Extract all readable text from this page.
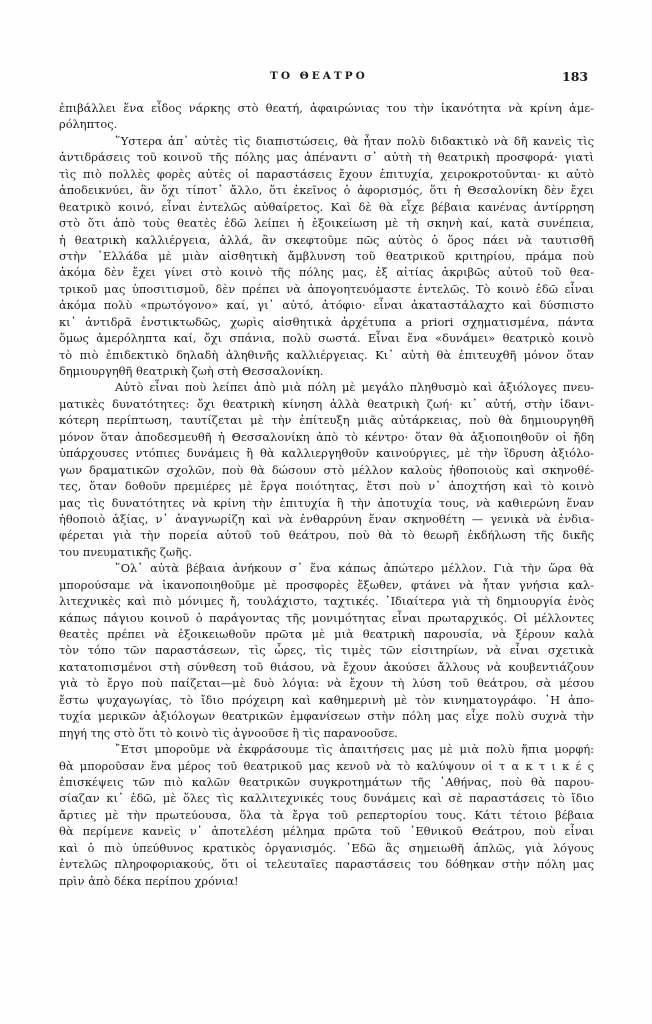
ΤΟ ΘΕΑΤΡΟ	183
ἐπιβάλλει ἕνα εἶδος νάρκης στὸ θεατή, ἀφαιρώνιας του τὴν ἱκανότητα νὰ κρίνη ἀμε-
ρόληπτος.
῞Υστερα ἀπ᾽ αὐτὲς τὶς διαπιστώσεις, θὰ ἦταν πολὺ διδακτικὸ νὰ δῆ κανεὶς τὶς
ἀντιδράσεις τοῦ κοινοῦ τῆς πόλης μας ἀπέναντι σ᾽ αὐτὴ τὴ θεατρικὴ προσφορά· γιατὶ
τὶς πιὸ πολλὲς φορὲς αὐτὲς οἱ παραστάσεις ἔχουν ἐπιτυχία, χειροκροτοῦνται· κι αὐτὸ
ἀποδεικνύει, ἂν ὄχι τίποτ᾽ ἄλλο, ὅτι ἐκεῖνος ὁ ἀφορισμός, ὅτι ἡ Θεσαλονίκη δὲν ἔχει
θεατρικὸ κοινό, εἶναι ἐντελῶς αὐθαίρετος. Καὶ δὲ θὰ εἶχε βέβαια κανένας ἀντίρρηση
στὸ ὅτι ἀπὸ τοὺς θεατὲς ἐδῶ λείπει ἡ ἐξοικείωση μὲ τὴ σκηνὴ καί, κατὰ συνέπεια,
ἡ θεατρικὴ καλλιέργεια, ἀλλά, ἂν σκεφτοῦμε πῶς αὐτὸς ὁ ὅρος πάει νὰ ταυτισθῆ
στὴν ῾Ελλάδα μὲ μιὰν αἰσθητικὴ ἄμβλυνση τοῦ θεατρικοῦ κριτηρίου, πράμα ποὺ
ἀκόμα δὲν ἔχει γίνει στὸ κοινὸ τῆς πόλης μας, ἐξ αἰτίας ἀκριβῶς αὐτοῦ τοῦ θεα-
τρικοῦ μας ὑποσιτισμοῦ, δὲν πρέπει νὰ ἀπογοητευόμαστε ἐντελῶς. Τὸ κοινὸ ἐδῶ εἶναι
ἀκόμα πολὺ «πρωτόγονο» καί, γι᾽ αὐτό, ἀτόφιο· εἶναι ἀκαταστάλαχτο καὶ δύσπιστο
κι᾽ ἀντιδρᾶ ἐνστικτωδῶς, χωρὶς αἰσθητικὰ ἀρχέτυπα a priori σχηματισμένα, πάντα
ὅμως ἀμερόληπτα καί, ὄχι σπάνια, πολὺ σωστά. Εἶναι ἕνα «δυνάμει» θεατρικὸ κοινὸ
τὸ πιὸ ἐπιδεκτικὸ δηλαδὴ ἀληθινῆς καλλιέργειας. Κι᾽ αὐτὴ θὰ ἐπιτευχθῆ μόνον ὅταν
δημιουργηθῆ θεατρικὴ ζωὴ στὴ Θεσσαλονίκη.
Αὐτὸ εἶναι ποὺ λείπει ἀπὸ μιὰ πόλη μὲ μεγάλο πληθυσμὸ καὶ ἀξιόλογες πνευ-
ματικὲς δυνατότητες: ὄχι θεατρικὴ κίνηση ἀλλὰ θεατρικὴ ζωή· κι᾽ αὐτή, στὴν ἰδανι-
κότερη περίπτωση, ταυτίζεται μὲ τὴν ἐπίτευξη μιᾶς αὐτάρκειας, ποὺ θὰ δημιουργηθῆ
μόνον ὅταν ἀποδεσμευθῆ ἡ Θεσσαλονίκη ἀπὸ τὸ κέντρο· ὅταν θὰ ἀξιοποιηθοῦν οἱ ἤδη
ὑπάρχουσες ντόπιες δυνάμεις ἢ θὰ καλλιεργηθοῦν καινούργιες, μὲ τὴν ἵδρυση ἀξιόλο-
γων δραματικῶν σχολῶν, ποὺ θὰ δώσουν στὸ μέλλον καλοὺς ἠθοποιοὺς καὶ σκηνοθέ-
τες, ὅταν δοθοῦν πρεμιέρες μὲ ἔργα ποιότητας, ἔτσι ποὺ ν᾽ ἀποχτήση καὶ τὸ κοινὸ
μας τὶς δυνατότητες νὰ κρίνη τὴν ἐπιτυχία ἢ τὴν ἀποτυχία τους, νὰ καθιερώνη ἕναν
ἠθοποιὸ ἀξίας, ν᾽ ἀναγνωρίζη καὶ νὰ ἐνθαρρύνη ἕναν σκηνοθέτη — γενικὰ νὰ ἐνδια-
φέρεται γιὰ τὴν πορεία αὐτοῦ τοῦ θεάτρου, ποὺ θὰ τὸ θεωρῆ ἐκδήλωση τῆς δικῆς
του πνευματικῆς ζωῆς.
῞Ολ᾽ αὐτὰ βέβαια ἀνήκουν σ᾽ ἕνα κάπως ἀπώτερο μέλλον. Γιὰ τὴν ὥρα θὰ
μπορούσαμε νὰ ἱκανοποιηθοῦμε μὲ προσφορὲς ἔξωθεν, φτάνει νὰ ἦταν γνήσια καλ-
λιτεχνικὲς καὶ πιὸ μόνιμες ἤ, τουλάχιστο, ταχτικές. ᾽Ιδιαίτερα γιὰ τὴ δημιουργία ἑνὸς
κάπως πάγιου κοινοῦ ὁ παράγοντας τῆς μονιμότητας εἶναι πρωταρχικός. Οἱ μέλλοντες
θεατὲς πρέπει νὰ ἐξοικειωθοῦν πρῶτα μὲ μιὰ θεατρικὴ παρουσία, νὰ ξέρουν καλὰ
τὸν τόπο τῶν παραστάσεων, τὶς ὧρες, τὶς τιμὲς τῶν εἰσιτηρίων, νὰ εἶναι σχετικὰ
κατατοπισμένοι στὴ σύνθεση τοῦ θιάσου, νὰ ἔχουν ἀκούσει ἄλλους νὰ κουβεντιάζουν
γιὰ τὸ ἔργο ποὺ παίζεται—μὲ δυὸ λόγια: νὰ ἔχουν τὴ λύση τοῦ θεάτρου, σὰ μέσου
ἔστω ψυχαγωγίας, τὸ ἴδιο πρόχειρη καὶ καθημερινὴ μὲ τὸν κινηματογράφο. ῾Η ἀπο-
τυχία μερικῶν ἀξιόλογων θεατρικῶν ἐμφανίσεων στὴν πόλη μας εἶχε πολὺ συχνὰ τὴν
πηγή της στὸ ὅτι τὸ κοινὸ τὶς ἀγνοοῦσε ἢ τὶς παρανοοῦσε.
῎Ετσι μποροῦμε νὰ ἐκφράσουμε τὶς ἀπαιτήσεις μας μὲ μιὰ πολὺ ἤπια μορφή:
θὰ μποροῦσαν ἕνα μέρος τοῦ θεατρικοῦ μας κενοῦ νὰ τὸ καλύψουν οἱ τ α κ τ ι κ έ ς
ἐπισκέψεις τῶν πιὸ καλῶν θεατρικῶν συγκροτημάτων τῆς ᾽Αθήνας, ποὺ θὰ παρου-
σίαζαν κι᾽ ἐδῶ, μὲ ὅλες τὶς καλλιτεχνικές τους δυνάμεις καὶ σὲ παραστάσεις τὸ ἴδιο
ἄρτιες μὲ τὴν πρωτεύουσα, ὅλα τὰ ἔργα τοῦ ρεπερτορίου τους. Κάτι τέτοιο βέβαια
θὰ περίμενε κανεὶς ν᾽ ἀποτελέση μέλημα πρῶτα τοῦ ᾽Εθνικοῦ Θεάτρου, ποὺ εἶναι
καὶ ὁ πιὸ ὑπεύθυνος κρατικὸς ὀργανισμός. ᾽Εδῶ ἂς σημειωθῆ ἁπλῶς, γιὰ λόγους
ἐντελῶς πληροφοριακούς, ὅτι οἱ τελευταῖες παραστάσεις του δόθηκαν στὴν πόλη μας
πρὶν ἀπὸ δέκα περίπου χρόνια!
